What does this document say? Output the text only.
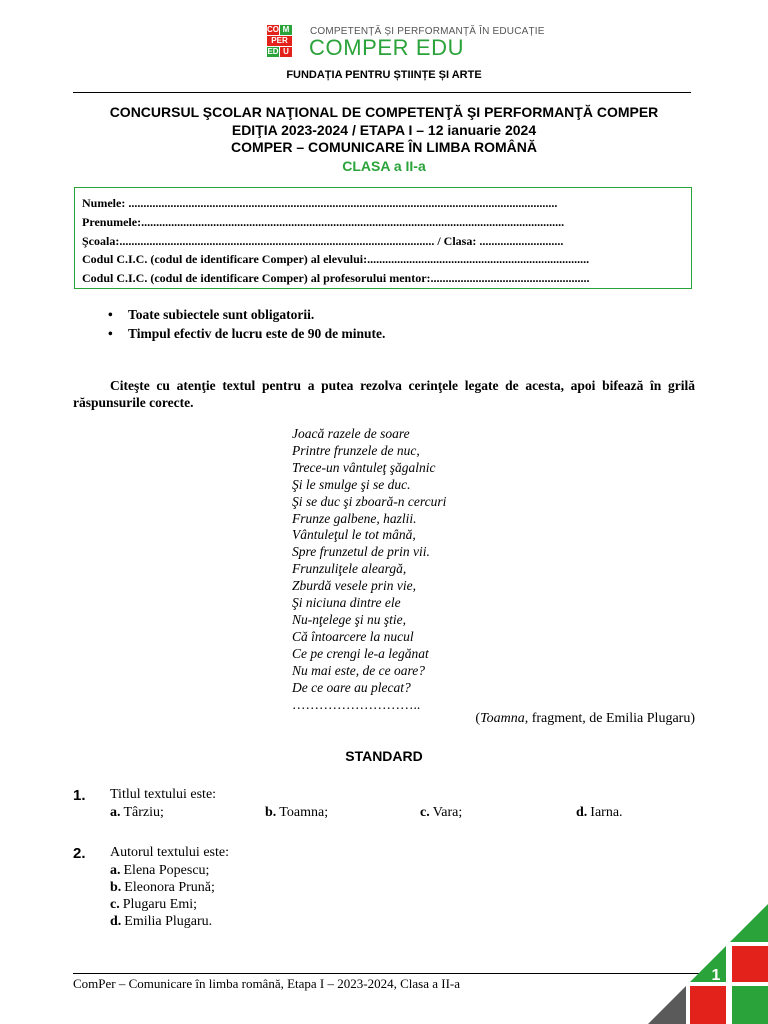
CO M
PER
ED U
COMPETENȚĂ ȘI PERFORMANȚĂ ÎN EDUCAȚIE
COMPER EDU
FUNDAȚIA PENTRU ȘTIINȚE ȘI ARTE
CONCURSUL ŞCOLAR NAŢIONAL DE COMPETENŢĂ ŞI PERFORMANŢĂ COMPER
EDIŢIA 2023-2024 / ETAPA I – 12 ianuarie 2024
COMPER – COMUNICARE ÎN LIMBA ROMÂNĂ
CLASA a II-a
Numele: ...............................................................................................................................................
Prenumele:.............................................................................................................................................
Şcoala:......................................................................................................... / Clasa: ............................
Codul C.I.C. (codul de identificare Comper) al elevului:..........................................................................
Codul C.I.C. (codul de identificare Comper) al profesorului mentor:.....................................................
• Toate subiectele sunt obligatorii.
• Timpul efectiv de lucru este de 90 de minute.
Citeşte cu atenţie textul pentru a putea rezolva cerinţele legate de acesta, apoi bifează în grilă răspunsurile corecte.
Joacă razele de soare
Printre frunzele de nuc,
Trece-un vântuleţ şăgalnic
Şi le smulge şi se duc.
Şi se duc şi zboară-n cercuri
Frunze galbene, hazlii.
Vântuleţul le tot mână,
Spre frunzetul de prin vii.
Frunzuliţele aleargă,
Zburdă vesele prin vie,
Şi niciuna dintre ele
Nu-nţelege şi nu ştie,
Că întoarcere la nucul
Ce pe crengi le-a legănat
Nu mai este, de ce oare?
De ce oare au plecat?
………………………..
(Toamna, fragment, de Emilia Plugaru)
STANDARD
1. Titlul textului este:
a. Târziu;	b. Toamna;	c. Vara;	d. Iarna.
2. Autorul textului este:
a. Elena Popescu;
b. Eleonora Prună;
c. Plugaru Emi;
d. Emilia Plugaru.
ComPer – Comunicare în limba română, Etapa I – 2023-2024, Clasa a II-a	1
